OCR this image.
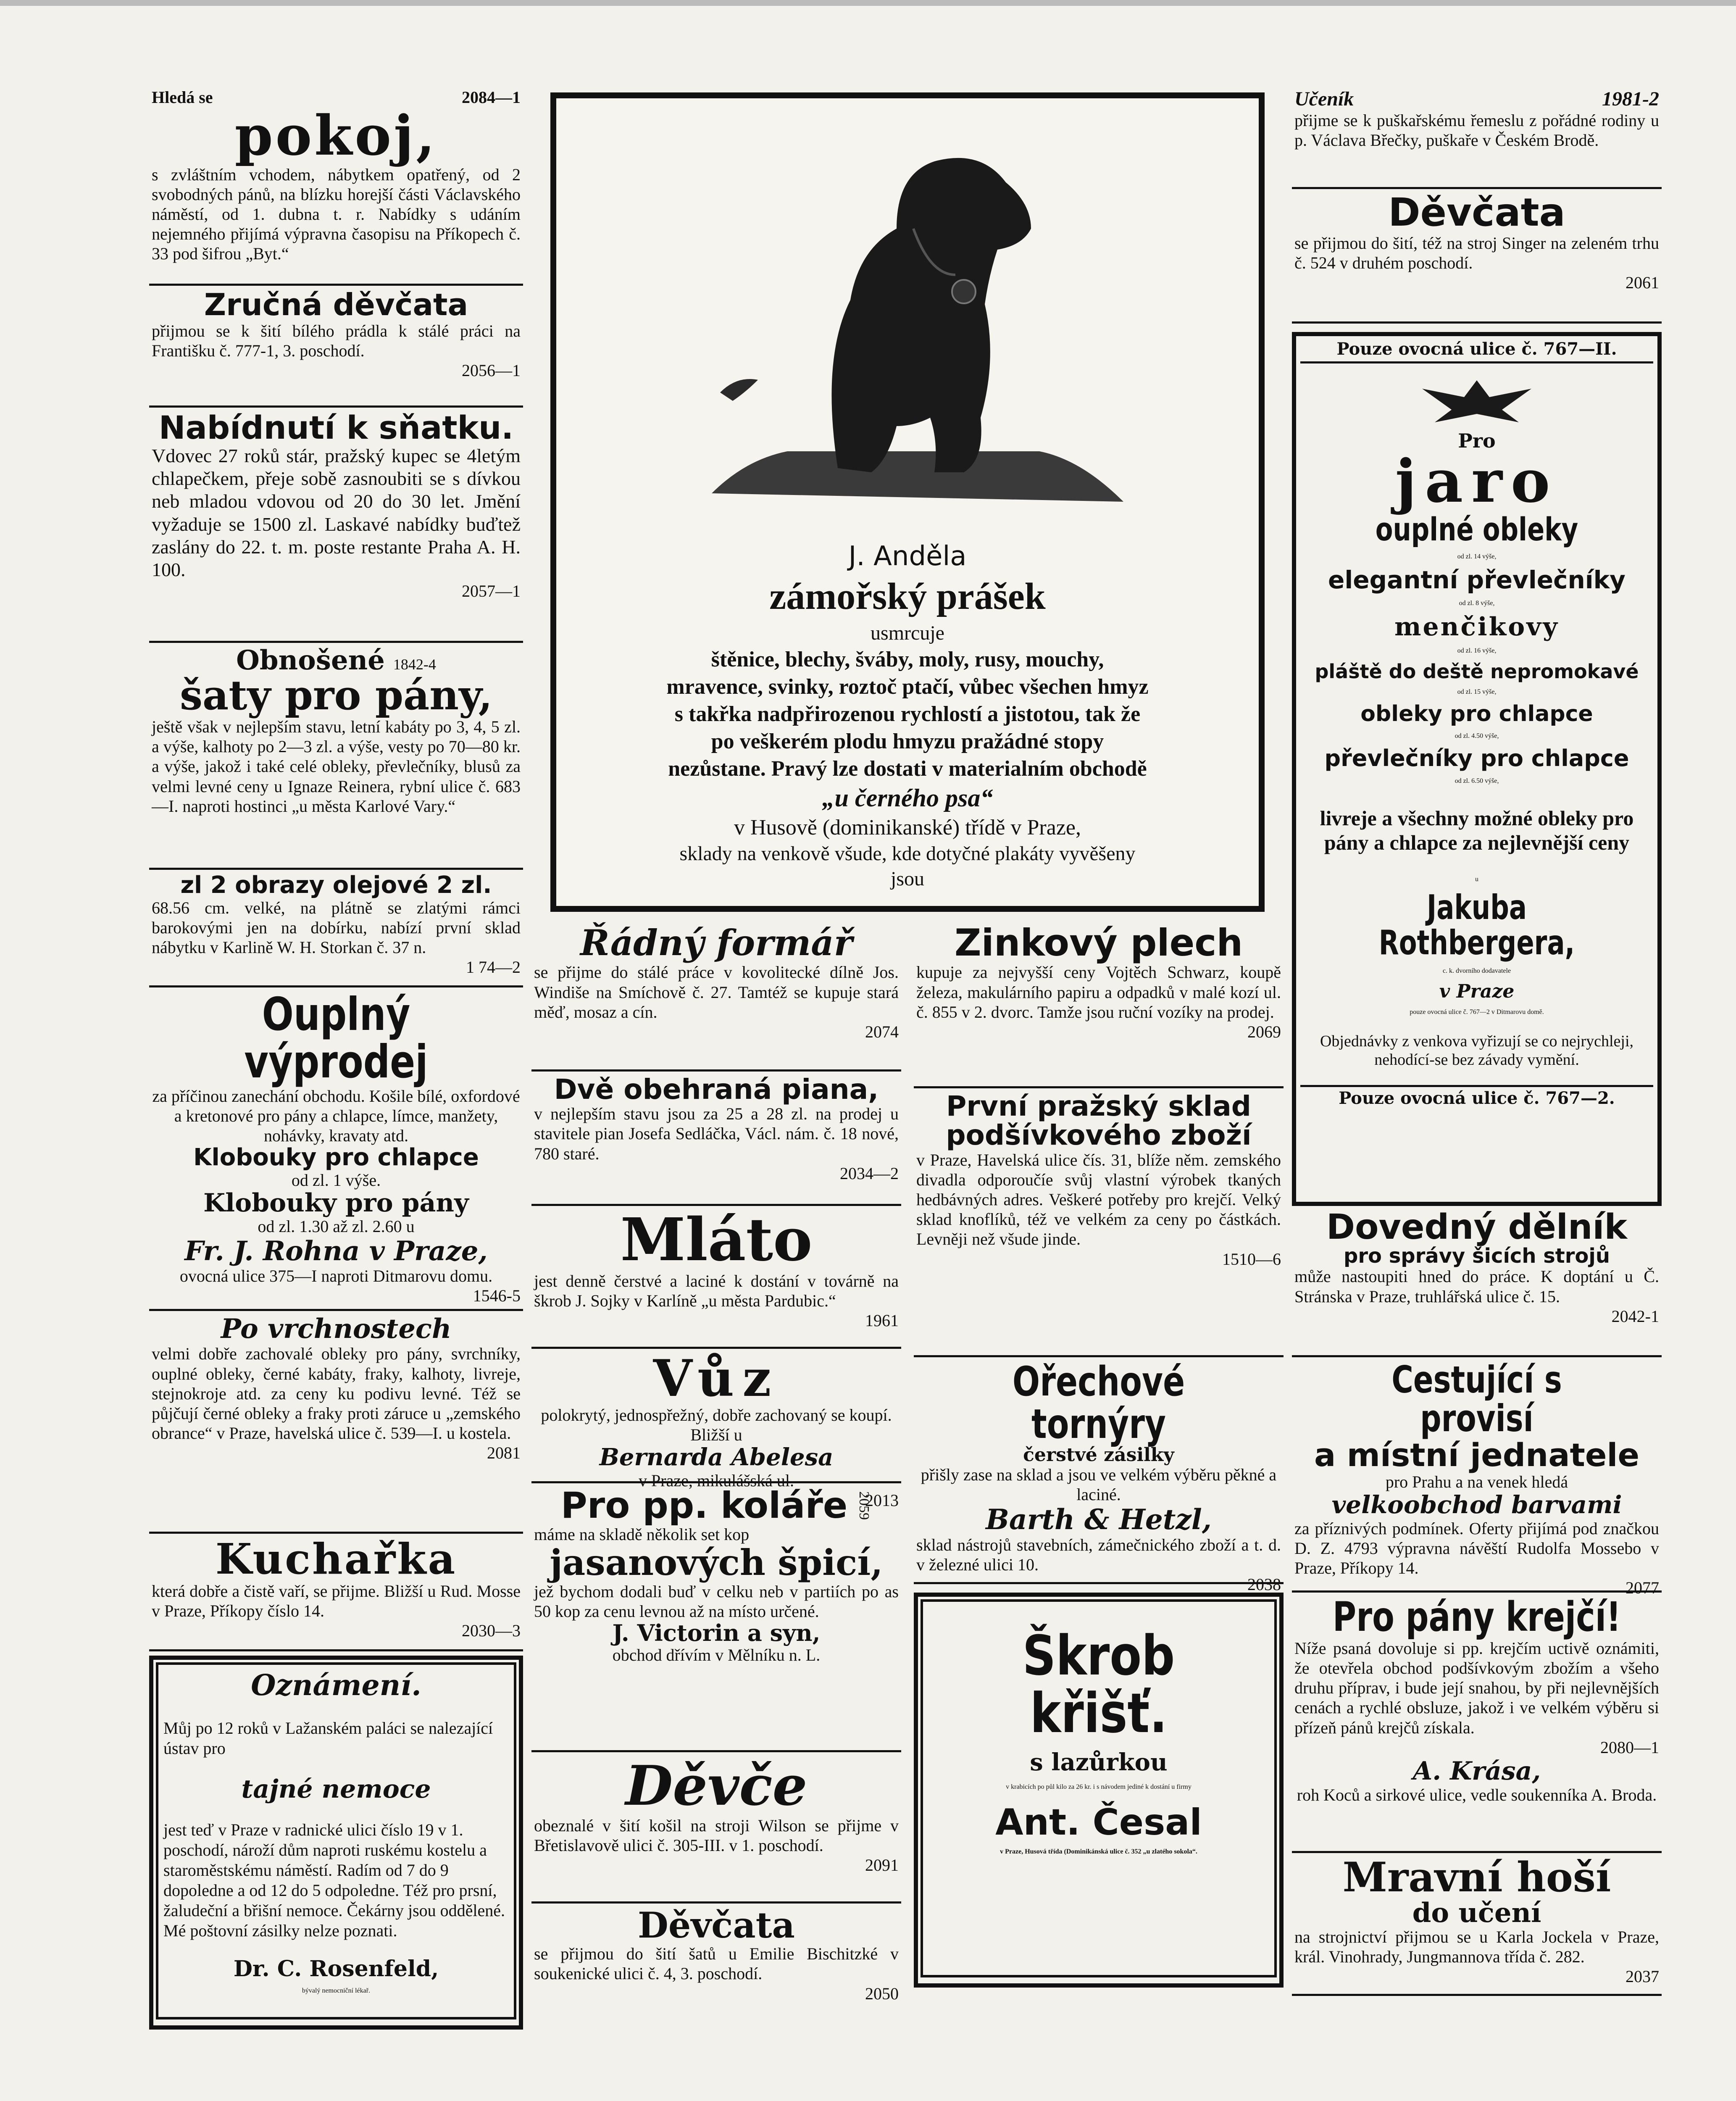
Hledá se	2084—1
pokoj,

s zvláštním vchodem, nábytkem opatřený, od 2 svobodných pánů, na blízku horejší části Václavského náměstí, od 1. dubna t. r. Nabídky s udáním nejemného přijímá výpravna časopisu na Příkopech č. 33 pod šifrou „Byt.“

Zručná děvčata

přijmou se k šití bílého prádla k stálé práci na Františku č. 777-1, 3. poschodí.

2056—1

Nabídnutí k sňatku.

Vdovec 27 roků stár, pražský kupec se 4letým chlapečkem, přeje sobě zasnoubiti se s dívkou neb mladou vdovou od 20 do 30 let. Jmění vyžaduje se 1500 zl. Laskavé nabídky buďtež zaslány do 22. t. m. poste restante Praha A. H. 100.

2057—1

Obnošené 1842-4
šaty pro pány,

ještě však v nejlepším stavu, letní kabáty po 3, 4, 5 zl. a výše, kalhoty po 2—3 zl. a výše, vesty po 70—80 kr. a výše, jakož i také celé obleky, převlečníky, blusů za velmi levné ceny u Ignaze Reinera, rybní ulice č. 683—I. naproti hostinci „u města Karlové Vary.“

zl 2 obrazy olejové 2 zl.

68.56 cm. velké, na plátně se zlatými rámci barokovými jen na dobírku, nabízí první sklad nábytku v Karlině W. H. Storkan č. 37 n.

1 74—2

Ouplný výprodej

za příčinou zanechání obchodu. Košile bílé, oxfordové a kretonové pro pány a chlapce, límce, manžety, nohávky, kravaty atd.

Klobouky pro chlapce

od zl. 1 výše.

Klobouky pro pány

od zl. 1.30 až zl. 2.60 u

Fr. J. Rohna v Praze,

ovocná ulice 375—I naproti Ditmarovu domu.

1546-5

Po vrchnostech

velmi dobře zachovalé obleky pro pány, svrchníky, ouplné obleky, černé kabáty, fraky, kalhoty, livreje, stejnokroje atd. za ceny ku podivu levné. Též se půjčují černé obleky a fraky proti záruce u „zemského obrance“ v Praze, havelská ulice č. 539—I. u kostela.

2081

Kuchařka

která dobře a čistě vaří, se přijme. Bližší u Rud. Mosse v Praze, Příkopy číslo 14.

2030—3

Oznámení.

Můj po 12 roků v Lažanském paláci se nalezající ústav pro

tajné nemoce

jest teď v Praze v radnické ulici číslo 19 v 1. poschodí, nároží dům naproti ruskému kostelu a staroměstskému náměstí. Radím od 7 do 9 dopoledne a od 12 do 5 odpoledne. Též pro prsní, žaludeční a břišní nemoce. Čekárny jsou oddělené. Mé poštovní zásilky nelze poznati.

Dr. C. Rosenfeld,

bývalý nemocniční lékař.

J. Anděla

zámořský prášek

usmrcuje

štěnice, blechy, šváby, moly, rusy, mouchy, mravence, svinky, roztoč ptačí, vůbec všechen hmyz s takřka nadpřirozenou rychlostí a jistotou, tak že po veškerém plodu hmyzu pražádné stopy nezůstane. Pravý lze dostati v materialním obchodě

„u černého psa“

v Husově (dominikanské) třídě v Praze,

sklady na venkově všude, kde dotyčné plakáty vyvěšeny jsou

Řádný formář

se přijme do stálé práce v kovolitecké dílně Jos. Windiše na Smíchově č. 27. Tamtéž se kupuje stará měď, mosaz a cín.

2074

Dvě obehraná piana,

v nejlepším stavu jsou za 25 a 28 zl. na prodej u stavitele pian Josefa Sedláčka, Václ. nám. č. 18 nové, 780 staré.

2034—2

Mláto

jest denně čerstvé a laciné k dostání v továrně na škrob J. Sojky v Karlíně „u města Pardubic.“

1961

Vůz

polokrytý, jednospřežný, dobře zachovaný se koupí. Bližší u

Bernarda Abelesa

v Praze, mikulášská ul.

2013

Pro pp. koláře 2059

máme na skladě několik set kop

jasanových špicí,

jež bychom dodali buď v celku neb v partiích po as 50 kop za cenu levnou až na místo určené.

J. Victorin a syn,

obchod dřívím v Mělníku n. L.

Děvče

obeznalé v šití košil na stroji Wilson se přijme v Břetislavově ulici č. 305-III. v 1. poschodí.

2091

Děvčata

se přijmou do šití šatů u Emilie Bischitzké v soukenické ulici č. 4, 3. poschodí.

2050

Zinkový plech

kupuje za nejvyšší ceny Vojtěch Schwarz, koupě železa, makulárního papiru a odpadků v malé kozí ul. č. 855 v 2. dvorc. Tamže jsou ruční vozíky na prodej.

2069

První pražský sklad
podšívkového zboží

v Praze, Havelská ulice čís. 31, blíže něm. zemského divadla odporoučíe svůj vlastní výrobek tkaných hedbávných adres. Veškeré potřeby pro krejčí. Velký sklad knoflíků, též ve velkém za ceny po částkách. Levněji než všude jinde.

1510—6

Ořechové tornýry
čerstvé zásilky

přišly zase na sklad a jsou ve velkém výběru pěkné a laciné.

Barth & Hetzl,

sklad nástrojů stavebních, zámečnického zboží a t. d. v železné ulici 10.

2038

Škrob křišť.
s lazůrkou

v krabicích po půl kilo za 26 kr. i s návodem jediné k dostání u firmy

Ant. Česal

v Praze, Husová třída (Dominikánská ulice č. 352 „u zlatého sokola“.

Učeník	1981-2

přijme se k puškařskému řemeslu z pořádné rodiny u p. Václava Břečky, puškaře v Českém Brodě.

Děvčata

se přijmou do šití, též na stroj Singer na zeleném trhu č. 524 v druhém poschodí.

2061

Pouze ovocná ulice č. 767—II.
Pro
jaro
ouplné obleky

od zl. 14 výše,

elegantní převlečníky

od zl. 8 výše,

menčikovy

od zl. 16 výše,

pláště do deště nepromokavé

od zl. 15 výše,

obleky pro chlapce

od zl. 4.50 výše,

převlečníky pro chlapce

od zl. 6.50 výše,

livreje a všechny možné obleky pro pány a chlapce za nejlevnější ceny

u

Jakuba Rothbergera,

c. k. dvorního dodavatele

v Praze

pouze ovocná ulice č. 767—2 v Ditmarovu domě.

Objednávky z venkova vyřizují se co nejrychleji, nehodící-se bez závady vymění.

Pouze ovocná ulice č. 767—2.
Dovedný dělník
pro správy šicích strojů

může nastoupiti hned do práce. K doptání u Č. Stránska v Praze, truhlářská ulice č. 15.

2042-1

Cestující s provisí
a místní jednatele

pro Prahu a na venek hledá

velkoobchod barvami

za příznivých podmínek. Oferty přijímá pod značkou D. Z. 4793 výpravna návěští Rudolfa Mossebo v Praze, Příkopy 14.

2077

Pro pány krejčí!

Níže psaná dovoluje si pp. krejčím uctivě oznámiti, že otevřela obchod podšívkovým zbožím a všeho druhu příprav, i bude její snahou, by při nejlevnějších cenách a rychlé obsluze, jakož i ve velkém výběru si přízeň pánů krejčů získala.

2080—1

A. Krása,

roh Koců a sirkové ulice, vedle soukenníka A. Broda.

Mravní hoší
do učení

na strojnictví přijmou se u Karla Jockela v Praze, král. Vinohrady, Jungmannova třída č. 282.

2037
